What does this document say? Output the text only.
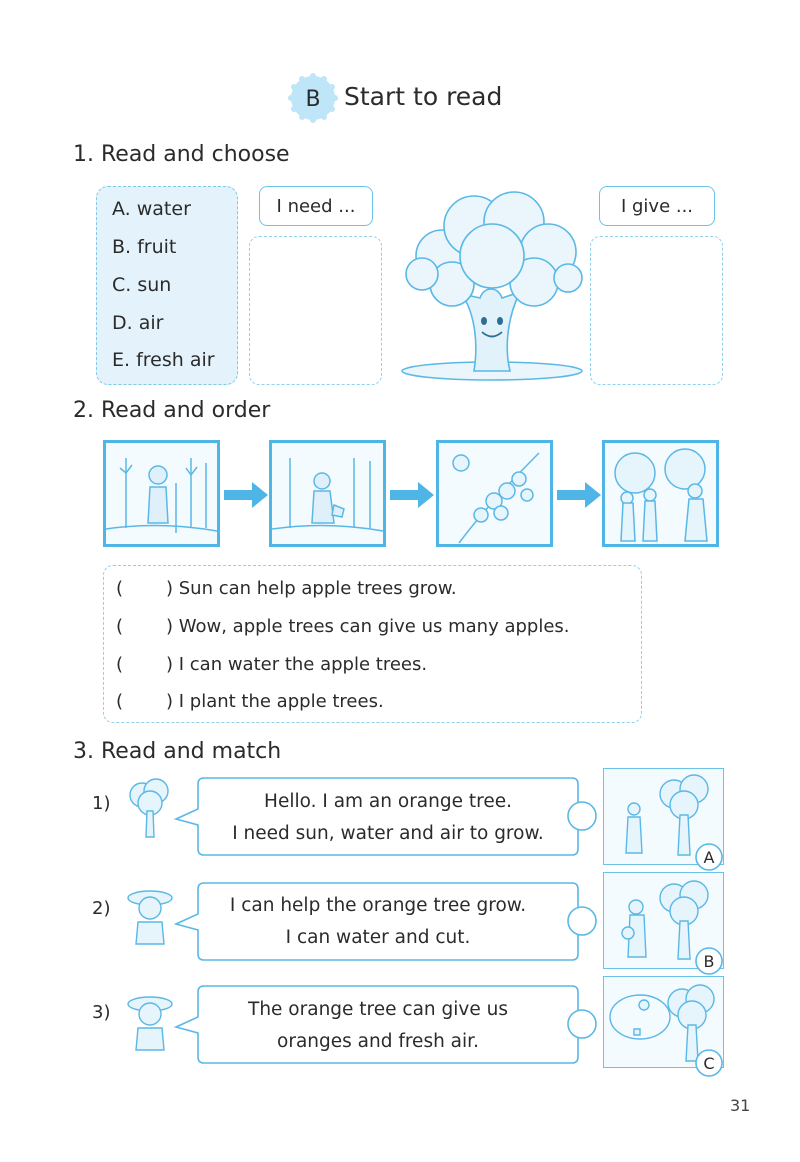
B Start to read
1. Read and choose
A. water
B. fruit
C. sun
D. air
E. fresh air
I need ...	I give ...
2. Read and order
( ) Sun can help apple trees grow.
( ) Wow, apple trees can give us many apples.
( ) I can water the apple trees.
( ) I plant the apple trees.
3. Read and match
1)	Hello. I am an orange tree.
I need sun, water and air to grow.
A
2)	I can help the orange tree grow.
I can water and cut.
B
3)	The orange tree can give us
oranges and fresh air.
C
31
